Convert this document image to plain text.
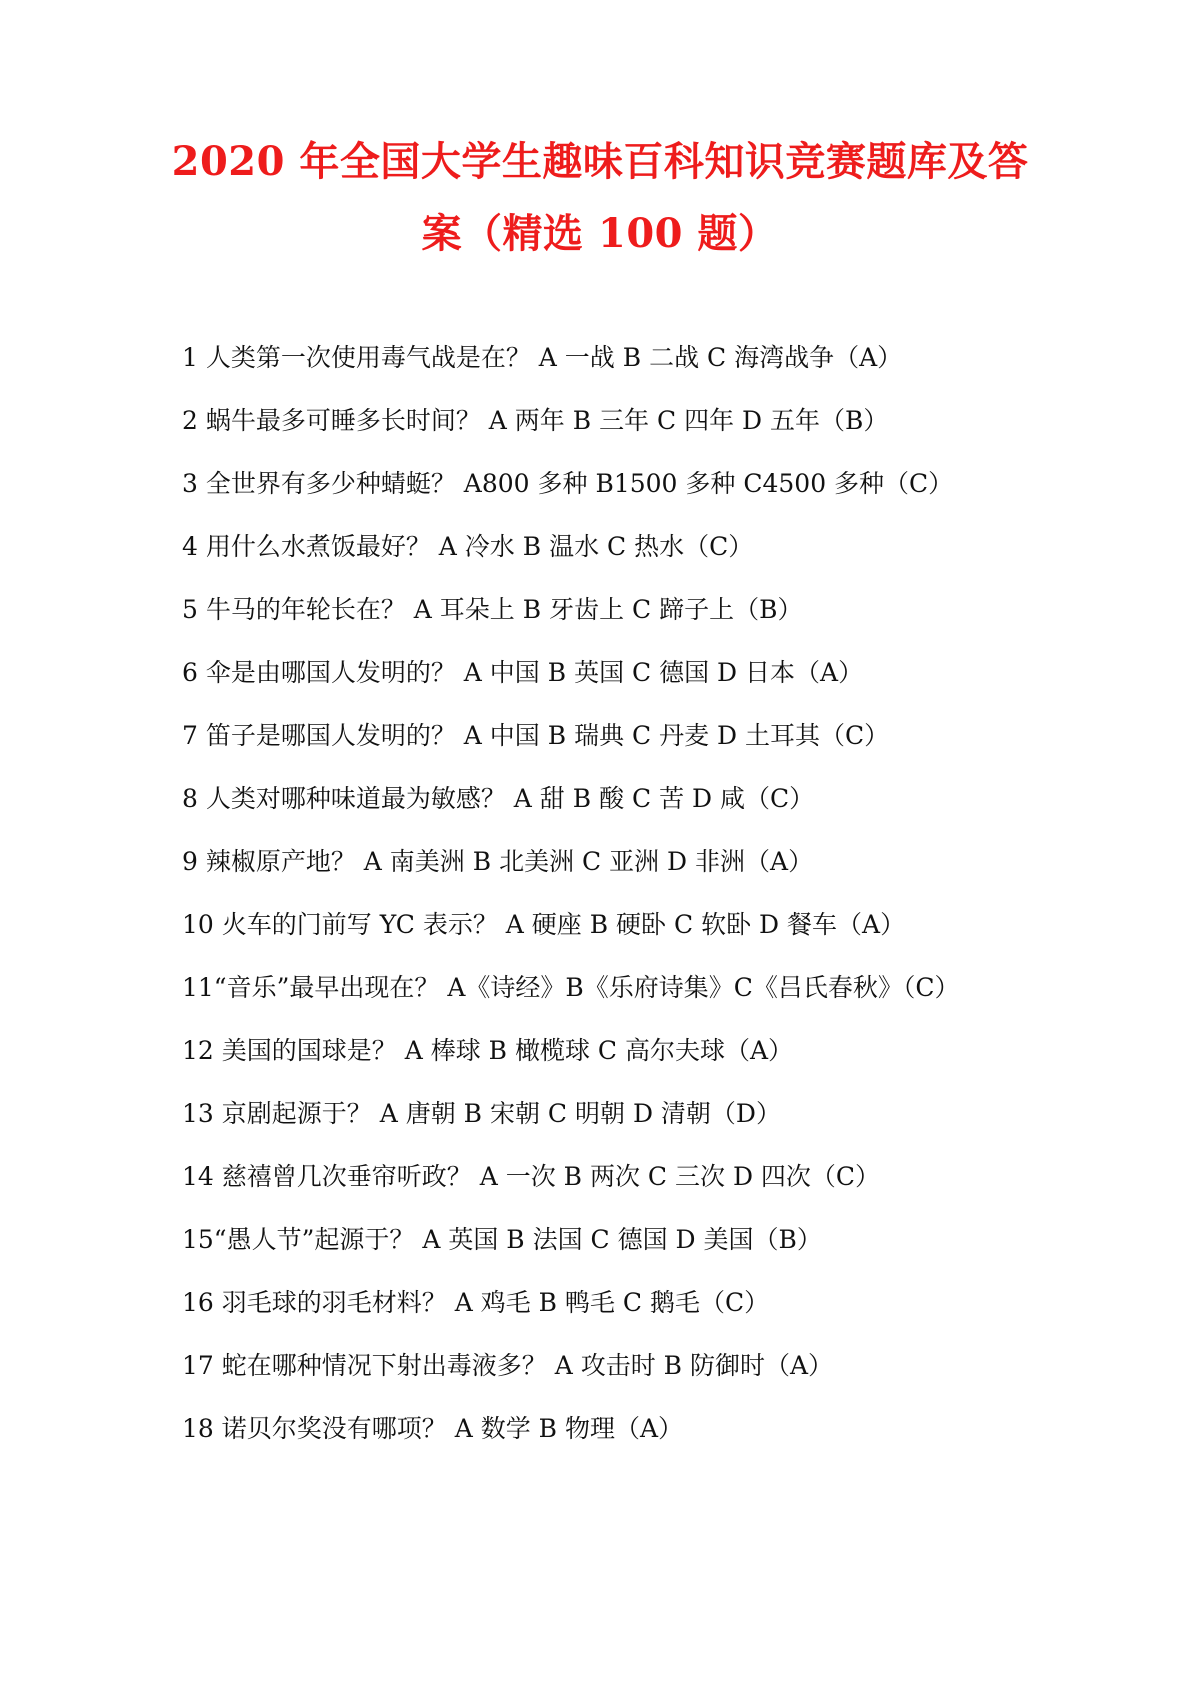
2020 年全国大学生趣味百科知识竞赛题库及答
案（精选 100 题）
1 人类第一次使用毒气战是在？ A 一战 B 二战 C 海湾战争（A）
2 蜗牛最多可睡多长时间？ A 两年 B 三年 C 四年 D 五年（B）
3 全世界有多少种蜻蜓？ A800 多种 B1500 多种 C4500 多种（C）
4 用什么水煮饭最好？ A 冷水 B 温水 C 热水（C）
5 牛马的年轮长在？ A 耳朵上 B 牙齿上 C 蹄子上（B）
6 伞是由哪国人发明的？ A 中国 B 英国 C 德国 D 日本（A）
7 笛子是哪国人发明的？ A 中国 B 瑞典 C 丹麦 D 土耳其（C）
8 人类对哪种味道最为敏感？ A 甜 B 酸 C 苦 D 咸（C）
9 辣椒原产地？ A 南美洲 B 北美洲 C 亚洲 D 非洲（A）
10 火车的门前写 YC 表示？ A 硬座 B 硬卧 C 软卧 D 餐车（A）
11“音乐”最早出现在？ A《诗经》B《乐府诗集》C《吕氏春秋》（C）
12 美国的国球是？ A 棒球 B 橄榄球 C 高尔夫球（A）
13 京剧起源于？ A 唐朝 B 宋朝 C 明朝 D 清朝（D）
14 慈禧曾几次垂帘听政？ A 一次 B 两次 C 三次 D 四次（C）
15“愚人节”起源于？ A 英国 B 法国 C 德国 D 美国（B）
16 羽毛球的羽毛材料？ A 鸡毛 B 鸭毛 C 鹅毛（C）
17 蛇在哪种情况下射出毒液多？ A 攻击时 B 防御时（A）
18 诺贝尔奖没有哪项？ A 数学 B 物理（A）
